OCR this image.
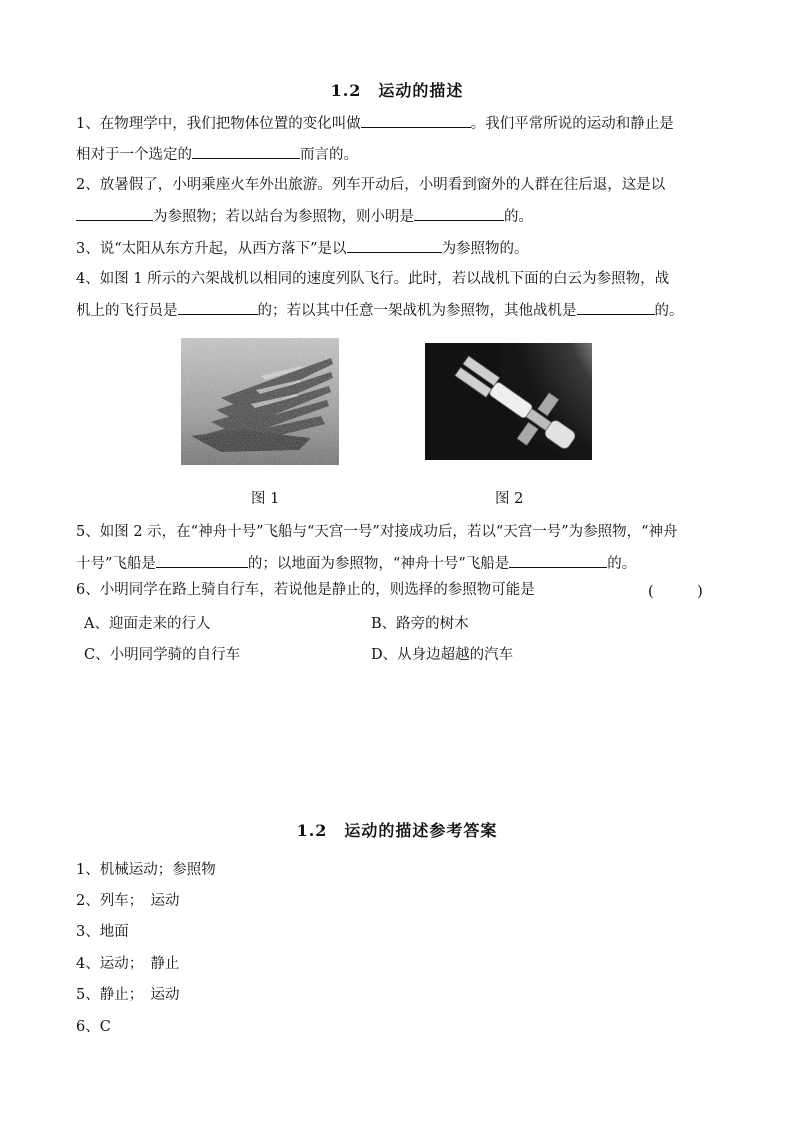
1.2　运动的描述
1、在物理学中，我们把物体位置的变化叫做	。我们平常所说的运动和静止是
相对于一个选定的	而言的。
2、放暑假了，小明乘座火车外出旅游。列车开动后，小明看到窗外的人群在往后退，这是以
为参照物；若以站台为参照物，则小明是	的。
3、说“太阳从东方升起，从西方落下”是以	为参照物的。
4、如图 1 所示的六架战机以相同的速度列队飞行。此时，若以战机下面的白云为参照物，战
机上的飞行员是	的；若以其中任意一架战机为参照物，其他战机是	的。
图 1	图 2
5、如图 2 示，在“神舟十号”飞船与“天宫一号”对接成功后，若以“天宫一号”为参照物，“神舟
十号”飞船是	的；以地面为参照物，“神舟十号”飞船是	的。
6、小明同学在路上骑自行车，若说他是静止的，则选择的参照物可能是	(　　　)
A、迎面走来的行人	B、路旁的树木
C、小明同学骑的自行车	D、从身边超越的汽车
1.2　运动的描述参考答案
1、机械运动；参照物
2、列车；　运动
3、地面
4、运动；　静止
5、静止；　运动
6、C
